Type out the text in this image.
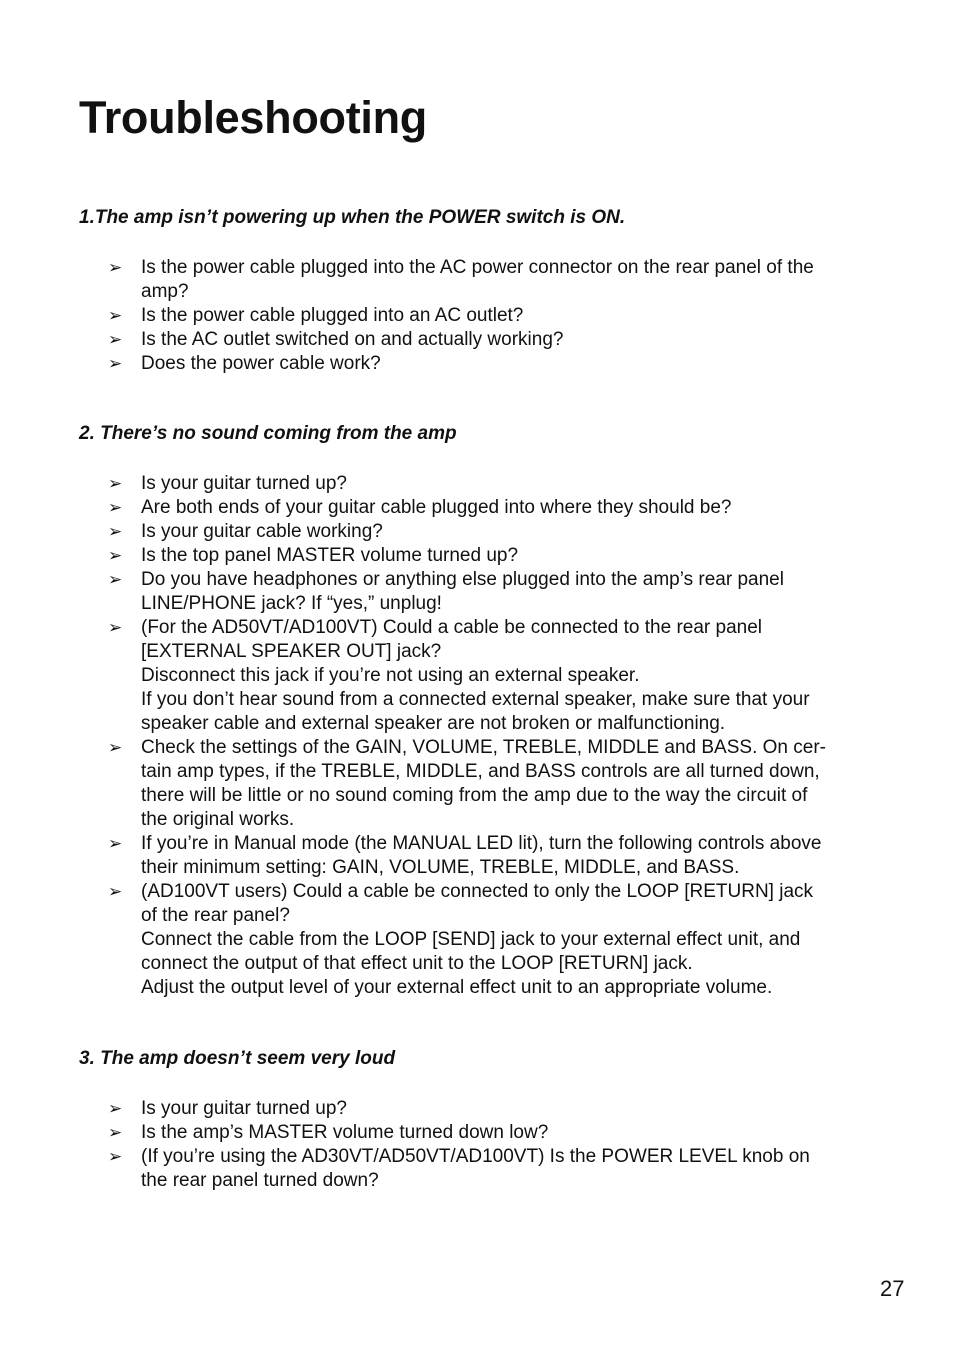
Troubleshooting
1.The amp isn’t powering up when the POWER switch is ON.
➢ Is the power cable plugged into the AC power connector on the rear panel of the
amp?
➢ Is the power cable plugged into an AC outlet?
➢ Is the AC outlet switched on and actually working?
➢ Does the power cable work?
2. There’s no sound coming from the amp
➢ Is your guitar turned up?
➢ Are both ends of your guitar cable plugged into where they should be?
➢ Is your guitar cable working?
➢ Is the top panel MASTER volume turned up?
➢ Do you have headphones or anything else plugged into the amp’s rear panel
LINE/PHONE jack? If “yes,” unplug!
➢ (For the AD50VT/AD100VT) Could a cable be connected to the rear panel
[EXTERNAL SPEAKER OUT] jack?
Disconnect this jack if you’re not using an external speaker.
If you don’t hear sound from a connected external speaker, make sure that your
speaker cable and external speaker are not broken or malfunctioning.
➢ Check the settings of the GAIN, VOLUME, TREBLE, MIDDLE and BASS. On cer-
tain amp types, if the TREBLE, MIDDLE, and BASS controls are all turned down,
there will be little or no sound coming from the amp due to the way the circuit of
the original works.
➢ If you’re in Manual mode (the MANUAL LED lit), turn the following controls above
their minimum setting: GAIN, VOLUME, TREBLE, MIDDLE, and BASS.
➢ (AD100VT users) Could a cable be connected to only the LOOP [RETURN] jack
of the rear panel?
Connect the cable from the LOOP [SEND] jack to your external effect unit, and
connect the output of that effect unit to the LOOP [RETURN] jack.
Adjust the output level of your external effect unit to an appropriate volume.
3. The amp doesn’t seem very loud
➢ Is your guitar turned up?
➢ Is the amp’s MASTER volume turned down low?
➢ (If you’re using the AD30VT/AD50VT/AD100VT) Is the POWER LEVEL knob on
the rear panel turned down?
27
